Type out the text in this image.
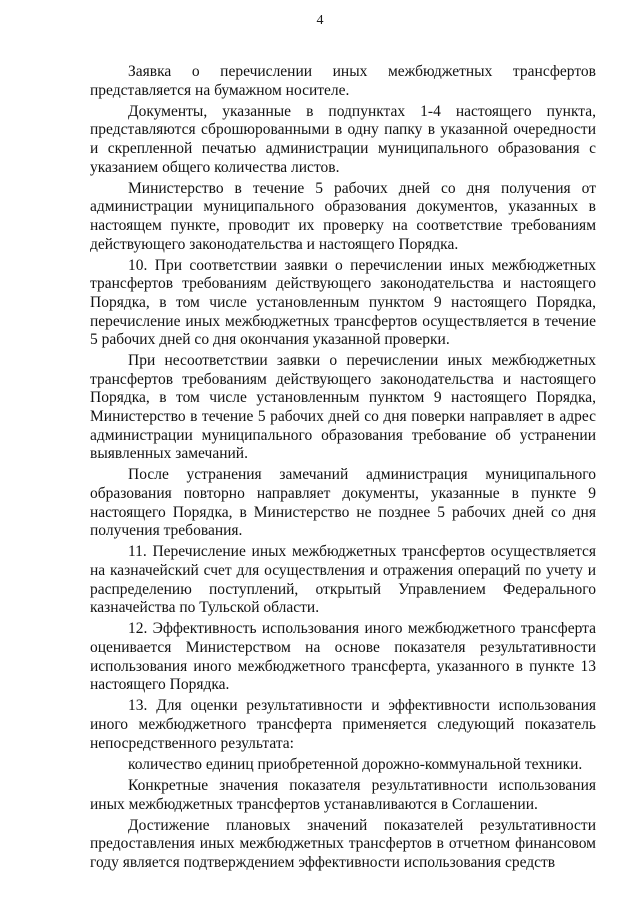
4

Заявка о перечислении иных межбюджетных трансфертов представляется на бумажном носителе.

Документы, указанные в подпунктах 1-4 настоящего пункта, представляются сброшюрованными в одну папку в указанной очередности и скрепленной печатью администрации муниципального образования с указанием общего количества листов.

Министерство в течение 5 рабочих дней со дня получения от администрации муниципального образования документов, указанных в настоящем пункте, проводит их проверку на соответствие требованиям действующего законодательства и настоящего Порядка.

10. При соответствии заявки о перечислении иных межбюджетных трансфертов требованиям действующего законодательства и настоящего Порядка, в том числе установленным пунктом 9 настоящего Порядка, перечисление иных межбюджетных трансфертов осуществляется в течение 5 рабочих дней со дня окончания указанной проверки.

При несоответствии заявки о перечислении иных межбюджетных трансфертов требованиям действующего законодательства и настоящего Порядка, в том числе установленным пунктом 9 настоящего Порядка, Министерство в течение 5 рабочих дней со дня поверки направляет в адрес администрации муниципального образования требование об устранении выявленных замечаний.

После устранения замечаний администрация муниципального образования повторно направляет документы, указанные в пункте 9 настоящего Порядка, в Министерство не позднее 5 рабочих дней со дня получения требования.

11. Перечисление иных межбюджетных трансфертов осуществляется на казначейский счет для осуществления и отражения операций по учету и распределению поступлений, открытый Управлением Федерального казначейства по Тульской области.

12. Эффективность использования иного межбюджетного трансферта оценивается Министерством на основе показателя результативности использования иного межбюджетного трансферта, указанного в пункте 13 настоящего Порядка.

13. Для оценки результативности и эффективности использования иного межбюджетного трансферта применяется следующий показатель непосредственного результата:

количество единиц приобретенной дорожно-коммунальной техники.

Конкретные значения показателя результативности использования иных межбюджетных трансфертов устанавливаются в Соглашении.

Достижение плановых значений показателей результативности предоставления иных межбюджетных трансфертов в отчетном финансовом году является подтверждением эффективности использования средств
